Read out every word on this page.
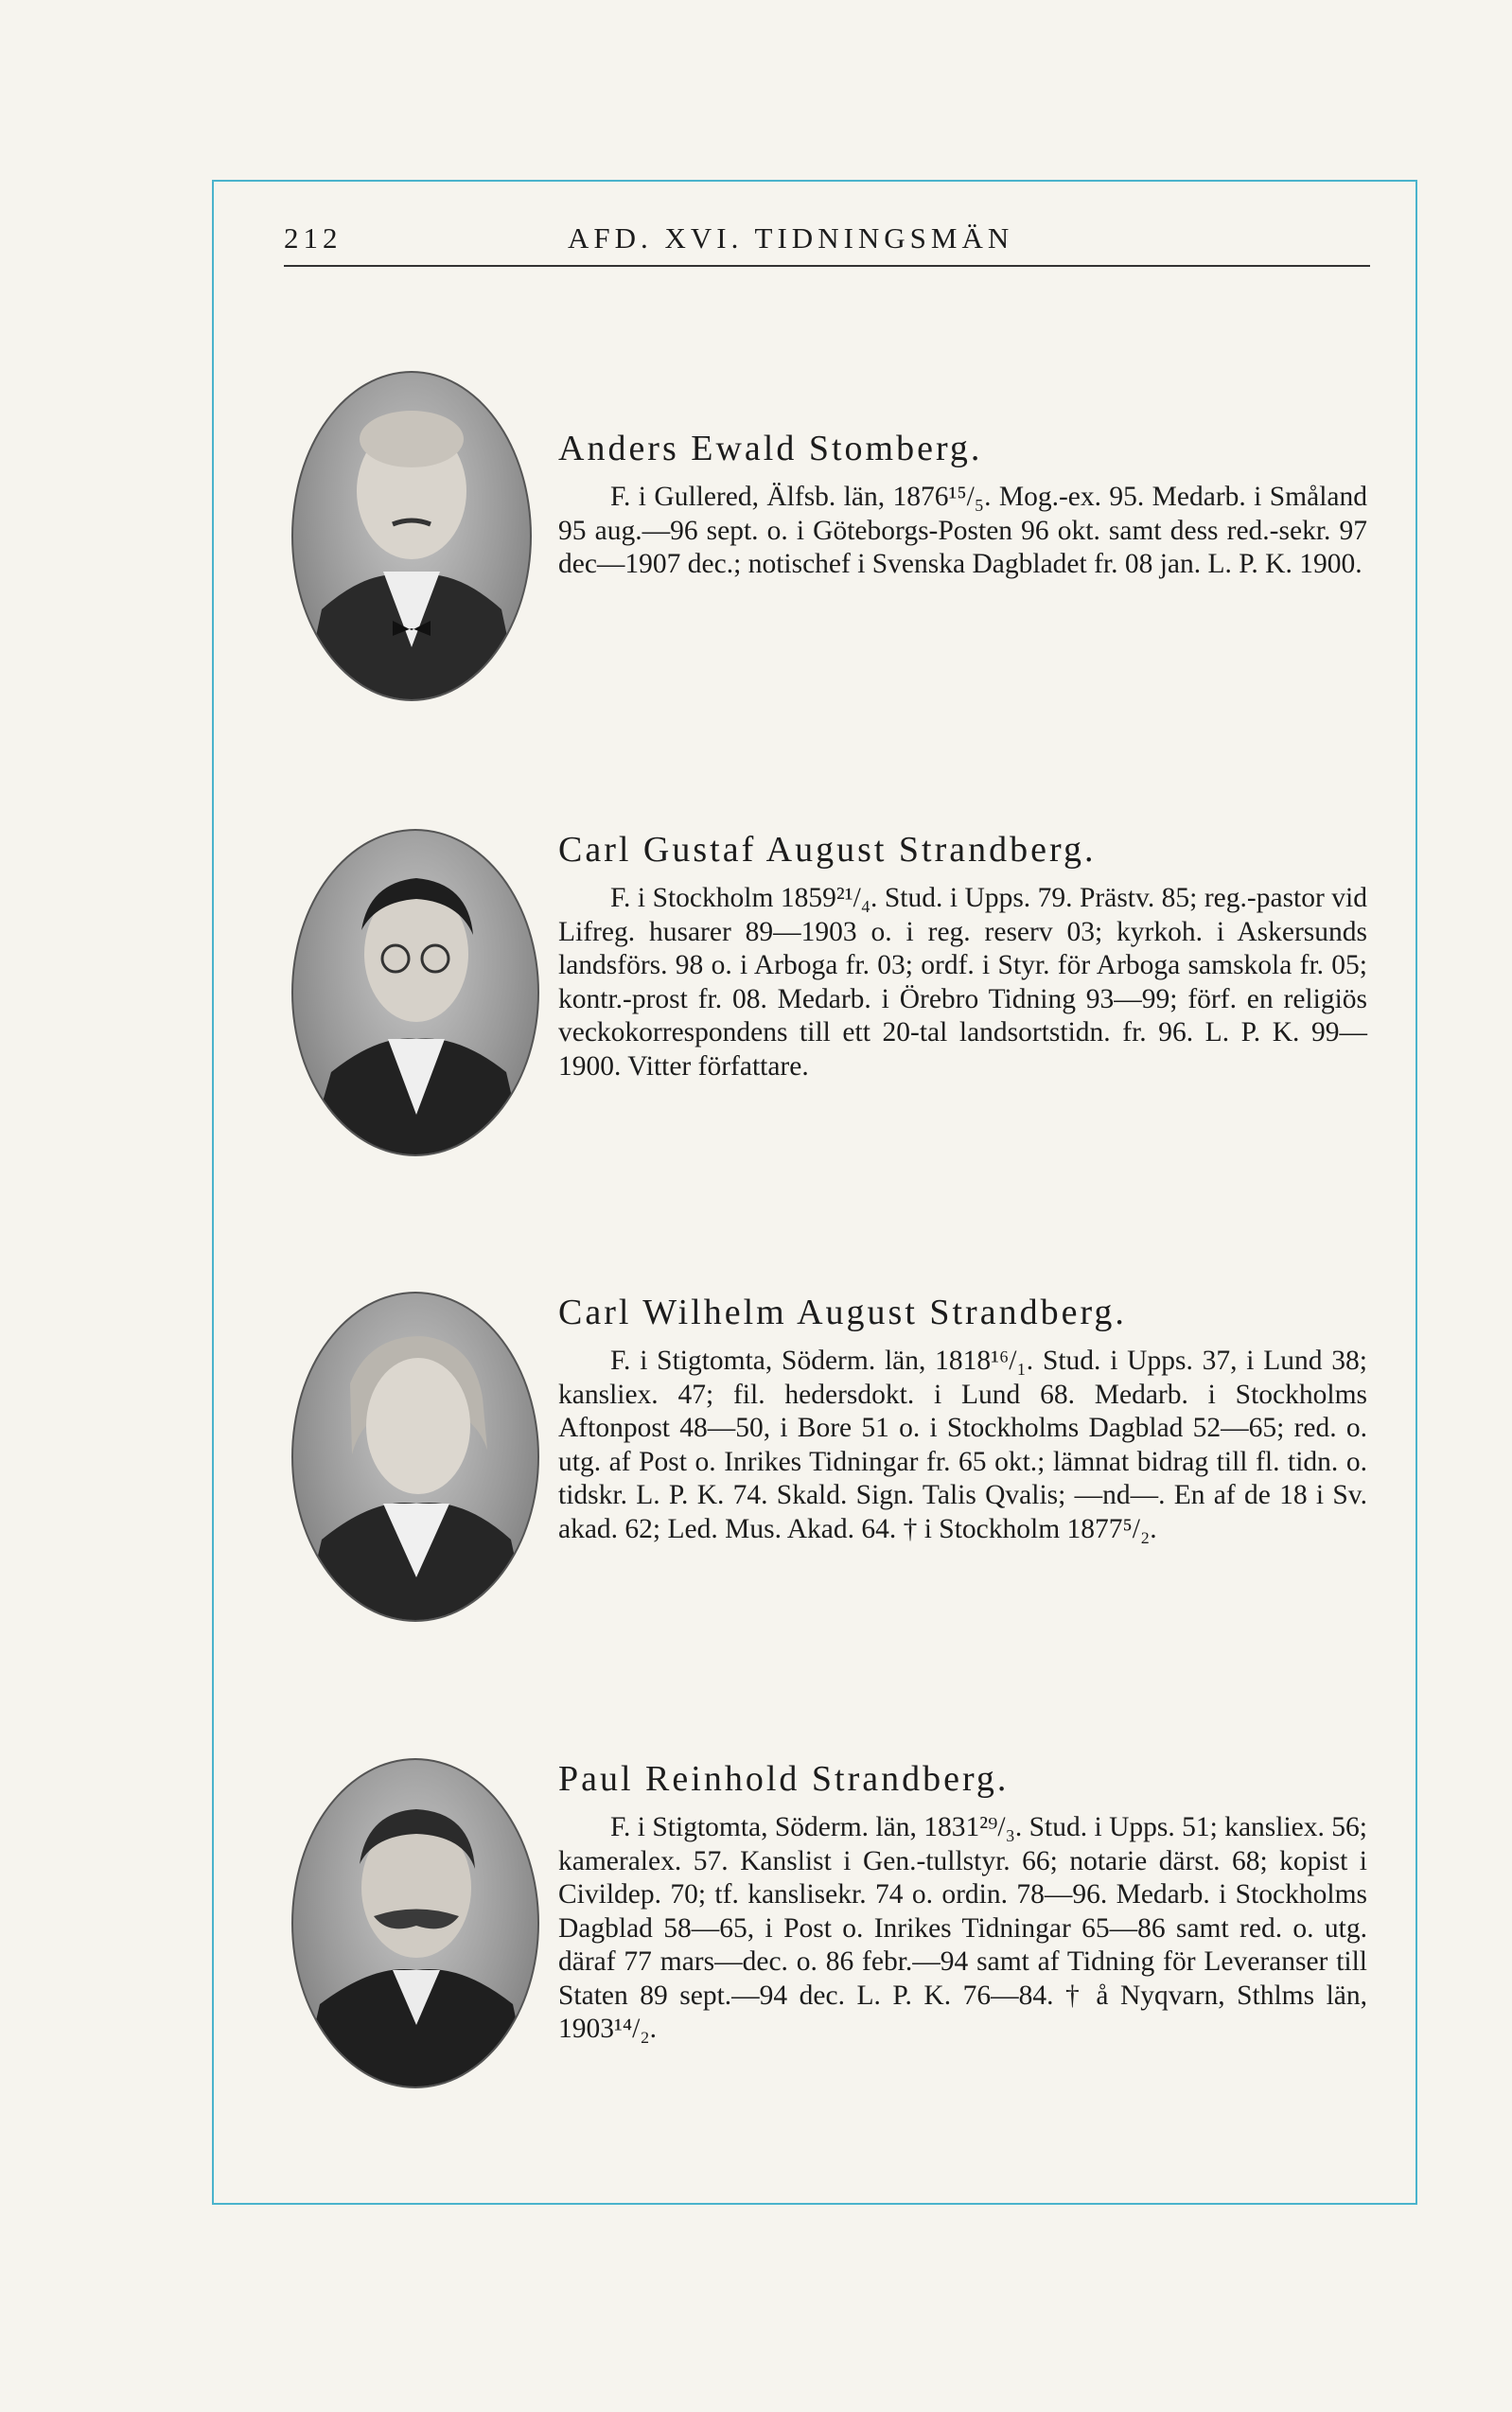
212	AFD. XVI. TIDNINGSMÄN

Anders Ewald Stomberg.

F. i Gullered, Älfsb. län, 1876¹⁵/₅. Mog.-ex. 95. Medarb. i Småland 95 aug.—96 sept. o. i Göteborgs-Posten 96 okt. samt dess red.-sekr. 97 dec—1907 dec.; notischef i Svenska Dagbladet fr. 08 jan. L. P. K. 1900.

Carl Gustaf August Strandberg.

F. i Stockholm 1859²¹/₄. Stud. i Upps. 79. Prästv. 85; reg.-pastor vid Lifreg. husarer 89—1903 o. i reg. reserv 03; kyrkoh. i Askersunds landsförs. 98 o. i Arboga fr. 03; ordf. i Styr. för Arboga samskola fr. 05; kontr.-prost fr. 08. Medarb. i Örebro Tidning 93—99; förf. en religiös veckokorrespondens till ett 20-tal landsortstidn. fr. 96. L. P. K. 99—1900. Vitter författare.

Carl Wilhelm August Strandberg.

F. i Stigtomta, Söderm. län, 1818¹⁶/₁. Stud. i Upps. 37, i Lund 38; kansliex. 47; fil. hedersdokt. i Lund 68. Medarb. i Stockholms Aftonpost 48—50, i Bore 51 o. i Stockholms Dagblad 52—65; red. o. utg. af Post o. Inrikes Tidningar fr. 65 okt.; lämnat bidrag till fl. tidn. o. tidskr. L. P. K. 74. Skald. Sign. Talis Qvalis; —nd—. En af de 18 i Sv. akad. 62; Led. Mus. Akad. 64. † i Stockholm 1877⁵/₂.

Paul Reinhold Strandberg.

F. i Stigtomta, Söderm. län, 1831²⁹/₃. Stud. i Upps. 51; kansliex. 56; kameralex. 57. Kanslist i Gen.-tullstyr. 66; notarie därst. 68; kopist i Civildep. 70; tf. kanslisekr. 74 o. ordin. 78—96. Medarb. i Stockholms Dagblad 58—65, i Post o. Inrikes Tidningar 65—86 samt red. o. utg. däraf 77 mars—dec. o. 86 febr.—94 samt af Tidning för Leveranser till Staten 89 sept.—94 dec. L. P. K. 76—84. † å Nyqvarn, Sthlms län, 1903¹⁴/₂.
